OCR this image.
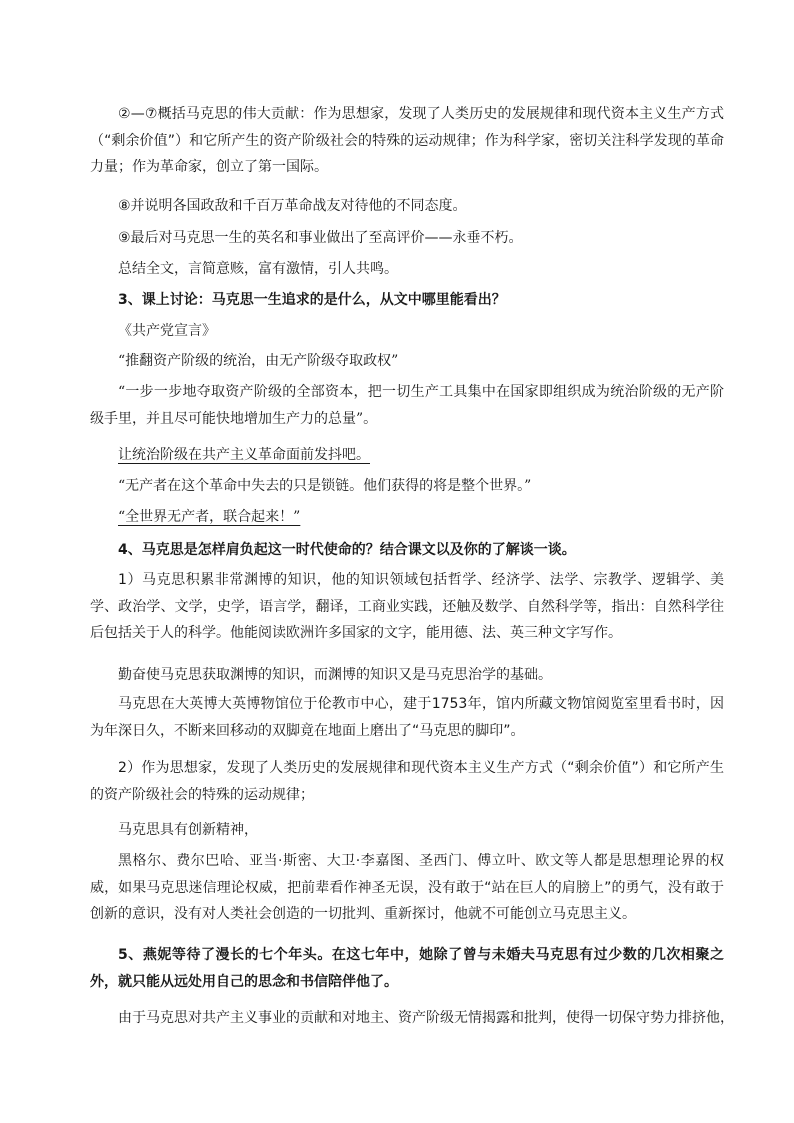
②—⑦概括马克思的伟大贡献：作为思想家，发现了人类历史的发展规律和现代资本主义生产方式（“剩余价值”）和它所产生的资产阶级社会的特殊的运动规律；作为科学家，密切关注科学发现的革命力量；作为革命家，创立了第一国际。

⑧并说明各国政敌和千百万革命战友对待他的不同态度。

⑨最后对马克思一生的英名和事业做出了至高评价——永垂不朽。

总结全文，言简意赅，富有激情，引人共鸣。

3、课上讨论：马克思一生追求的是什么，从文中哪里能看出？

《共产党宣言》

“推翻资产阶级的统治，由无产阶级夺取政权”

“一步一步地夺取资产阶级的全部资本，把一切生产工具集中在国家即组织成为统治阶级的无产阶级手里，并且尽可能快地增加生产力的总量”。

让统治阶级在共产主义革命面前发抖吧。

“无产者在这个革命中失去的只是锁链。他们获得的将是整个世界。”

“全世界无产者，联合起来！”

4、马克思是怎样肩负起这一时代使命的？结合课文以及你的了解谈一谈。

1）马克思积累非常渊博的知识，他的知识领域包括哲学、经济学、法学、宗教学、逻辑学、美学、政治学、文学，史学，语言学，翻译，工商业实践，还触及数学、自然科学等，指出：自然科学往后包括关于人的科学。他能阅读欧洲许多国家的文字，能用德、法、英三种文字写作。

勤奋使马克思获取渊博的知识，而渊博的知识又是马克思治学的基础。

马克思在大英博大英博物馆位于伦教市中心，建于1753年，馆内所藏文物馆阅览室里看书时，因为年深日久，不断来回移动的双脚竟在地面上磨出了“马克思的脚印”。

2）作为思想家，发现了人类历史的发展规律和现代资本主义生产方式（“剩余价值”）和它所产生的资产阶级社会的特殊的运动规律；

马克思具有创新精神，

黑格尔、费尔巴哈、亚当·斯密、大卫·李嘉图、圣西门、傅立叶、欧文等人都是思想理论界的权威，如果马克思迷信理论权威，把前辈看作神圣无误，没有敢于“站在巨人的肩膀上”的勇气，没有敢于创新的意识，没有对人类社会创造的一切批判、重新探讨，他就不可能创立马克思主义。

5、燕妮等待了漫长的七个年头。在这七年中，她除了曾与未婚夫马克思有过少数的几次相聚之外，就只能从远处用自己的思念和书信陪伴他了。

由于马克思对共产主义事业的贡献和对地主、资产阶级无情揭露和批判，使得一切保守势力排挤他，
